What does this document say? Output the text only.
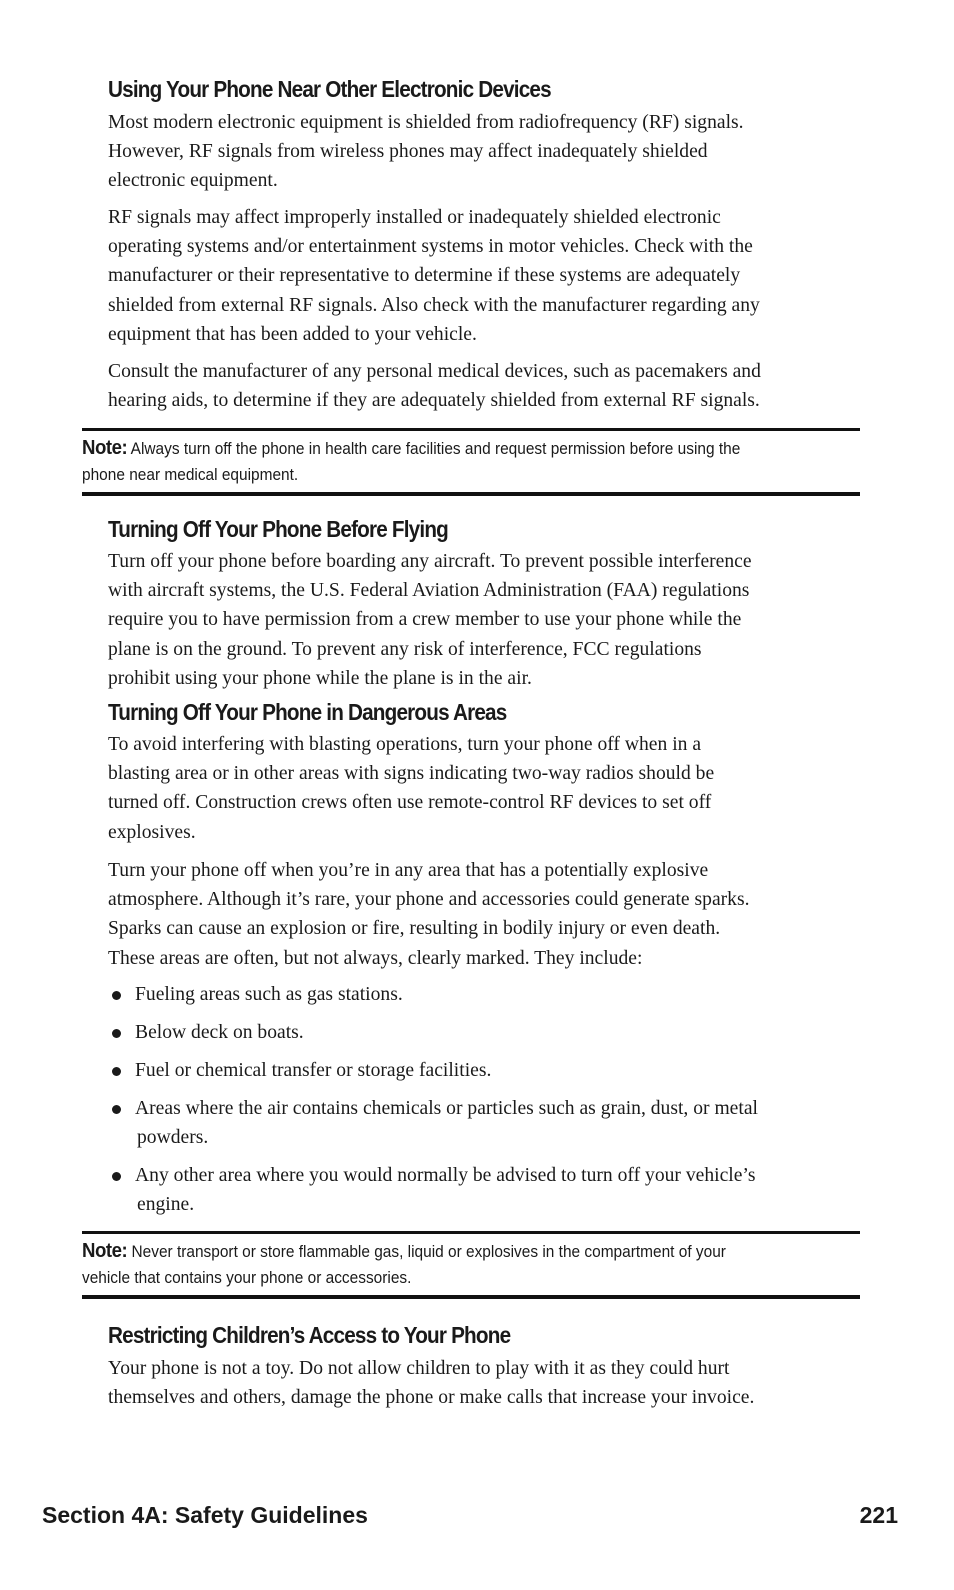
Using Your Phone Near Other Electronic Devices

Most modern electronic equipment is shielded from radiofrequency (RF) signals.
However, RF signals from wireless phones may affect inadequately shielded
electronic equipment.

RF signals may affect improperly installed or inadequately shielded electronic
operating systems and/or entertainment systems in motor vehicles. Check with the
manufacturer or their representative to determine if these systems are adequately
shielded from external RF signals. Also check with the manufacturer regarding any
equipment that has been added to your vehicle.

Consult the manufacturer of any personal medical devices, such as pacemakers and
hearing aids, to determine if they are adequately shielded from external RF signals.

Note: Always turn off the phone in health care facilities and request permission before using the
phone near medical equipment.
Turning Off Your Phone Before Flying

Turn off your phone before boarding any aircraft. To prevent possible interference
with aircraft systems, the U.S. Federal Aviation Administration (FAA) regulations
require you to have permission from a crew member to use your phone while the
plane is on the ground. To prevent any risk of interference, FCC regulations
prohibit using your phone while the plane is in the air.

Turning Off Your Phone in Dangerous Areas

To avoid interfering with blasting operations, turn your phone off when in a
blasting area or in other areas with signs indicating two-way radios should be
turned off. Construction crews often use remote-control RF devices to set off
explosives.

Turn your phone off when you’re in any area that has a potentially explosive
atmosphere. Although it’s rare, your phone and accessories could generate sparks.
Sparks can cause an explosion or fire, resulting in bodily injury or even death.
These areas are often, but not always, clearly marked. They include:

Fueling areas such as gas stations.
Below deck on boats.
Fuel or chemical transfer or storage facilities.
Areas where the air contains chemicals or particles such as grain, dust, or metal
powders.
Any other area where you would normally be advised to turn off your vehicle’s
engine.
Note: Never transport or store flammable gas, liquid or explosives in the compartment of your
vehicle that contains your phone or accessories.
Restricting Children’s Access to Your Phone

Your phone is not a toy. Do not allow children to play with it as they could hurt
themselves and others, damage the phone or make calls that increase your invoice.

Section 4A: Safety Guidelines	221
